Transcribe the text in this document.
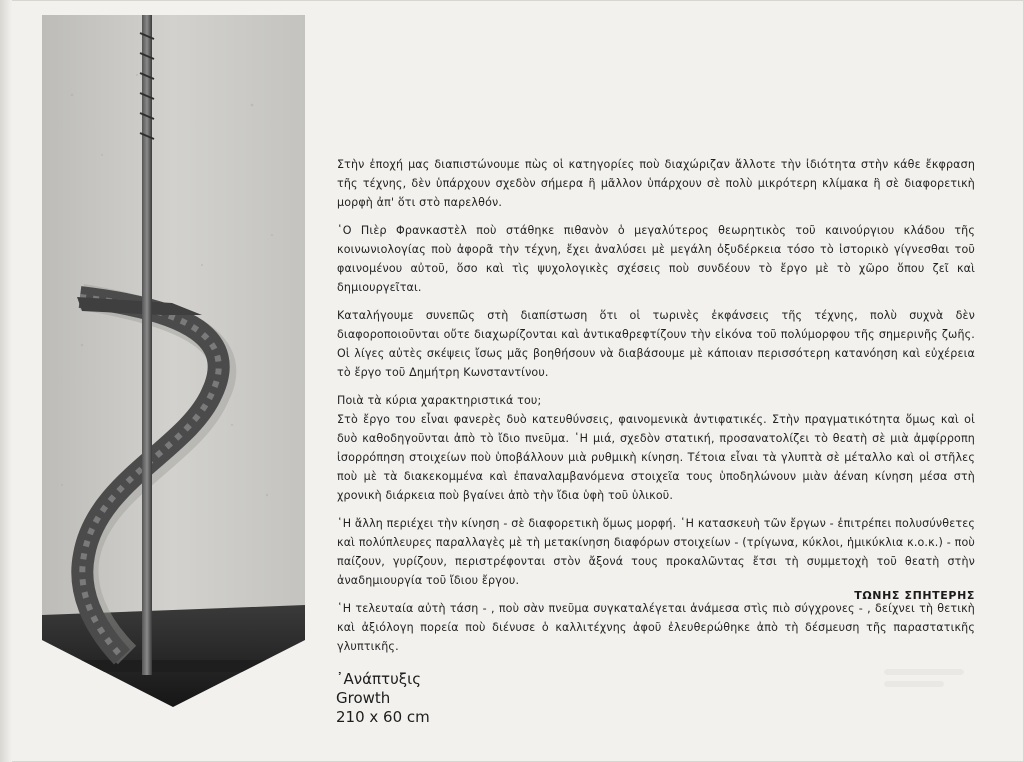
᾿Ανάπτυξις
Growth
210 x 60 cm

Στὴν ἐποχή μας διαπιστώνουμε πὼς οἱ κατηγορίες ποὺ διαχώριζαν ἄλλοτε τὴν ἰδιότητα στὴν κάθε ἔκφραση τῆς τέχνης, δὲν ὑπάρχουν σχεδὸν σήμερα ἢ μᾶλλον ὑπάρχουν σὲ πολὺ μικρότερη κλίμακα ἢ σὲ διαφορετικὴ μορφὴ ἀπ' ὅτι στὸ παρελθόν.

῾Ο Πιὲρ Φρανκαστὲλ ποὺ στάθηκε πιθανὸν ὁ μεγαλύτερος θεωρητικὸς τοῦ καινούργιου κλάδου τῆς κοινωνιολογίας ποὺ ἀφορᾶ τὴν τέχνη, ἔχει ἀναλύσει μὲ μεγάλη ὀξυδέρκεια τόσο τὸ ἱστορικὸ γίγνεσθαι τοῦ φαινομένου αὐτοῦ, ὅσο καὶ τὶς ψυχολογικὲς σχέσεις ποὺ συνδέουν τὸ ἔργο μὲ τὸ χῶρο ὅπου ζεῖ καὶ δημιουργεῖται.

Καταλήγουμε συνεπῶς στὴ διαπίστωση ὅτι οἱ τωρινὲς ἐκφάνσεις τῆς τέχνης, πολὺ συχνὰ δὲν διαφοροποιοῦνται οὔτε διαχωρίζονται καὶ ἀντικαθρεφτίζουν τὴν εἰκόνα τοῦ πολύμορφου τῆς σημερινῆς ζωῆς. Οἱ λίγες αὐτὲς σκέψεις ἴσως μᾶς βοηθήσουν νὰ διαβάσουμε μὲ κάποιαν περισσότερη κατανόηση καὶ εὐχέρεια τὸ ἔργο τοῦ Δημήτρη Κωνσταντίνου.

Ποιὰ τὰ κύρια χαρακτηριστικά του;

Στὸ ἔργο του εἶναι φανερὲς δυὸ κατευθύνσεις, φαινομενικὰ ἀντιφατικές. Στὴν πραγματικότητα ὅμως καὶ οἱ δυὸ καθοδηγοῦνται ἀπὸ τὸ ἴδιο πνεῦμα. ῾Η μιά, σχεδὸν στατική, προσανατολίζει τὸ θεατὴ σὲ μιὰ ἀμφίρροπη ἰσορρόπηση στοιχείων ποὺ ὑποβάλλουν μιὰ ρυθμικὴ κίνηση. Τέτοια εἶναι τὰ γλυπτὰ σὲ μέταλλο καὶ οἱ στῆλες ποὺ μὲ τὰ διακεκομμένα καὶ ἐπαναλαμβανόμενα στοιχεῖα τους ὑποδηλώνουν μιὰν ἀέναη κίνηση μέσα στὴ χρονικὴ διάρκεια ποὺ βγαίνει ἀπὸ τὴν ἴδια ὑφὴ τοῦ ὑλικοῦ.

῾Η ἄλλη περιέχει τὴν κίνηση - σὲ διαφορετικὴ ὅμως μορφή. ῾Η κατασκευὴ τῶν ἔργων - ἐπιτρέπει πολυσύνθετες καὶ πολύπλευρες παραλλαγὲς μὲ τὴ μετακίνηση διαφόρων στοιχείων - (τρίγωνα, κύκλοι, ἡμικύκλια κ.ο.κ.) - ποὺ παίζουν, γυρίζουν, περιστρέφονται στὸν ἄξονά τους προκαλῶντας ἔτσι τὴ συμμετοχὴ τοῦ θεατὴ στὴν ἀναδημιουργία τοῦ ἴδιου ἔργου.

῾Η τελευταία αὐτὴ τάση - , ποὺ σὰν πνεῦμα συγκαταλέγεται ἀνάμεσα στὶς πιὸ σύγχρονες - , δείχνει τὴ θετικὴ καὶ ἀξιόλογη πορεία ποὺ διένυσε ὁ καλλιτέχνης ἀφοῦ ἐλευθερώθηκε ἀπὸ τὴ δέσμευση τῆς παραστατικῆς γλυπτικῆς.

ΤΩΝΗΣ ΣΠΗΤΕΡΗΣ
